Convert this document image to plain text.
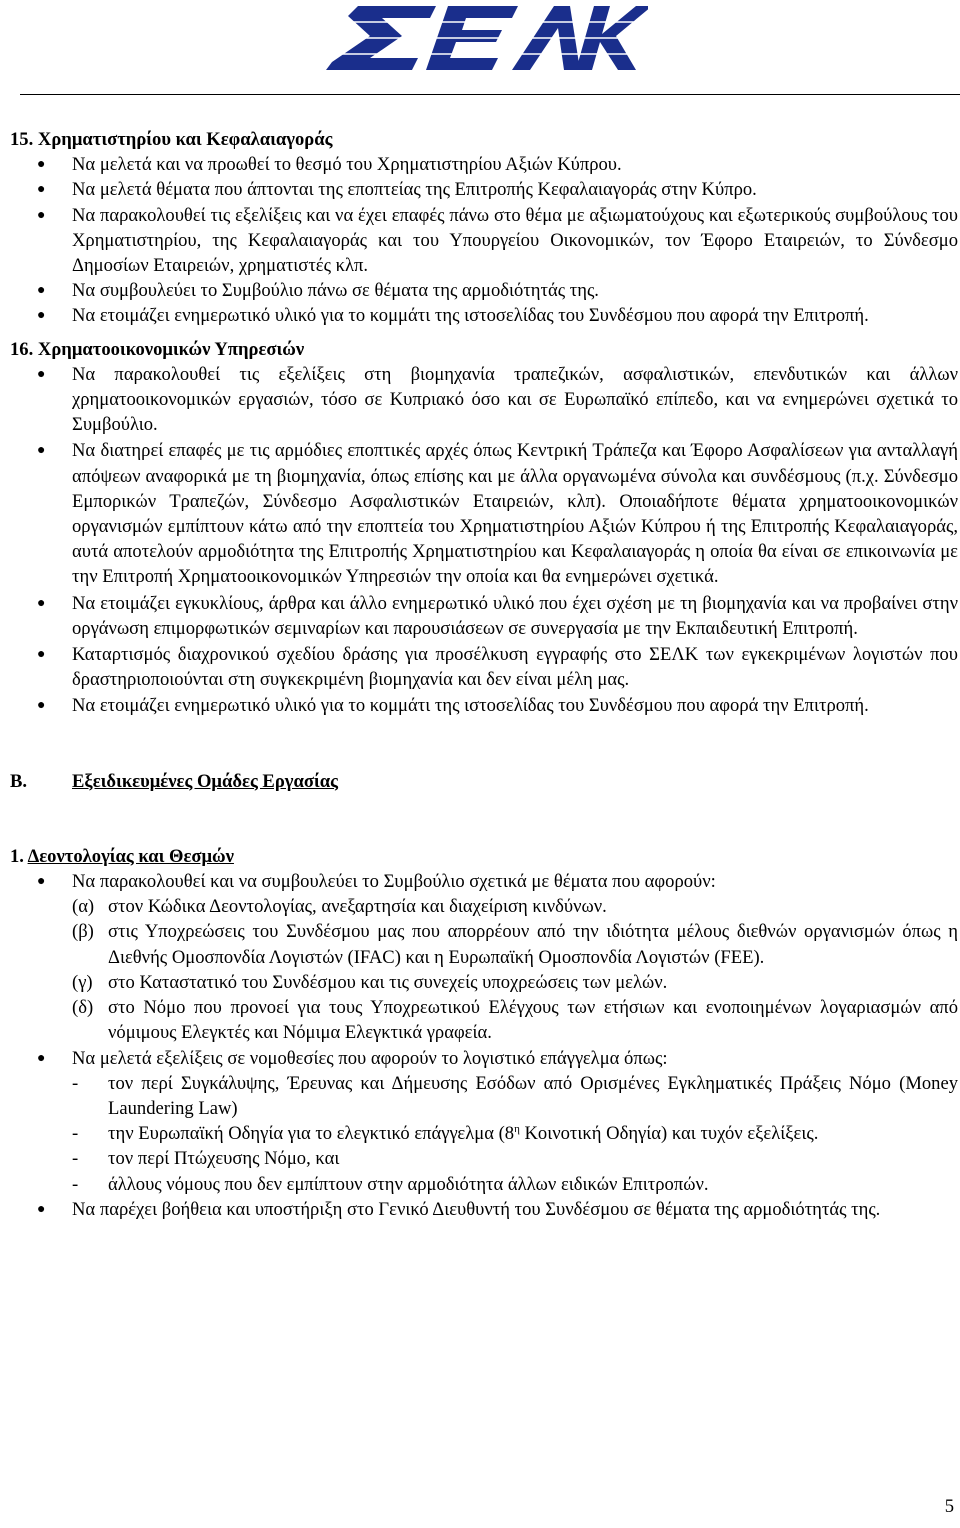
15. Χρηματιστηρίου και Κεφαλαιαγοράς
● Να μελετά και να προωθεί το θεσμό του Χρηματιστηρίου Αξιών Κύπρου.
● Να μελετά θέματα που άπτονται της εποπτείας της Επιτροπής Κεφαλαιαγοράς στην Κύπρο.
● Να παρακολουθεί τις εξελίξεις και να έχει επαφές πάνω στο θέμα με αξιωματούχους και εξωτερικούς συμβούλους του Χρηματιστηρίου, της Κεφαλαιαγοράς και του Υπουργείου Οικονομικών, τον Έφορο Εταιρειών, το Σύνδεσμο Δημοσίων Εταιρειών, χρηματιστές κλπ.
● Να συμβουλεύει το Συμβούλιο πάνω σε θέματα της αρμοδιότητάς της.
● Να ετοιμάζει ενημερωτικό υλικό για το κομμάτι της ιστοσελίδας του Συνδέσμου που αφορά την Επιτροπή.
16. Χρηματοοικονομικών Υπηρεσιών
● Να παρακολουθεί τις εξελίξεις στη βιομηχανία τραπεζικών, ασφαλιστικών, επενδυτικών και άλλων χρηματοοικονομικών εργασιών, τόσο σε Κυπριακό όσο και σε Ευρωπαϊκό επίπεδο, και να ενημερώνει σχετικά το Συμβούλιο.
● Να διατηρεί επαφές με τις αρμόδιες εποπτικές αρχές όπως Κεντρική Τράπεζα και Έφορο Ασφαλίσεων για ανταλλαγή απόψεων αναφορικά με τη βιομηχανία, όπως επίσης και με άλλα οργανωμένα σύνολα και συνδέσμους (π.χ. Σύνδεσμο Εμπορικών Τραπεζών, Σύνδεσμο Ασφαλιστικών Εταιρειών, κλπ). Οποιαδήποτε θέματα χρηματοοικονομικών οργανισμών εμπίπτουν κάτω από την εποπτεία του Χρηματιστηρίου Αξιών Κύπρου ή της Επιτροπής Κεφαλαιαγοράς, αυτά αποτελούν αρμοδιότητα της Επιτροπής Χρηματιστηρίου και Κεφαλαιαγοράς η οποία θα είναι σε επικοινωνία με την Επιτροπή Χρηματοοικονομικών Υπηρεσιών την οποία και θα ενημερώνει σχετικά.
● Να ετοιμάζει εγκυκλίους, άρθρα και άλλο ενημερωτικό υλικό που έχει σχέση με τη βιομηχανία και να προβαίνει στην οργάνωση επιμορφωτικών σεμιναρίων και παρουσιάσεων σε συνεργασία με την Εκπαιδευτική Επιτροπή.
● Καταρτισμός διαχρονικού σχεδίου δράσης για προσέλκυση εγγραφής στο ΣΕΛΚ των εγκεκριμένων λογιστών που δραστηριοποιούνται στη συγκεκριμένη βιομηχανία και δεν είναι μέλη μας.
● Να ετοιμάζει ενημερωτικό υλικό για το κομμάτι της ιστοσελίδας του Συνδέσμου που αφορά την Επιτροπή.
B. Εξειδικευμένες Ομάδες Εργασίας
1. Δεοντολογίας και Θεσμών
● Να παρακολουθεί και να συμβουλεύει το Συμβούλιο σχετικά με θέματα που αφορούν:
(α) στον Κώδικα Δεοντολογίας, ανεξαρτησία και διαχείριση κινδύνων.
(β) στις Υποχρεώσεις του Συνδέσμου μας που απορρέουν από την ιδιότητα μέλους διεθνών οργανισμών όπως η Διεθνής Ομοσπονδία Λογιστών (IFAC) και η Ευρωπαϊκή Ομοσπονδία Λογιστών (FEE).
(γ) στο Καταστατικό του Συνδέσμου και τις συνεχείς υποχρεώσεις των μελών.
(δ) στο Νόμο που προνοεί για τους Υποχρεωτικού Ελέγχους των ετήσιων και ενοποιημένων λογαριασμών από νόμιμους Ελεγκτές και Νόμιμα Ελεγκτικά γραφεία.
● Να μελετά εξελίξεις σε νομοθεσίες που αφορούν το λογιστικό επάγγελμα όπως:
- τον περί Συγκάλυψης, Έρευνας και Δήμευσης Εσόδων από Ορισμένες Εγκληματικές Πράξεις Νόμο (Money Laundering Law)
- την Ευρωπαϊκή Οδηγία για το ελεγκτικό επάγγελμα ($8^\eta$ Κοινοτική Οδηγία) και τυχόν εξελίξεις.
- τον περί Πτώχευσης Νόμο, και
- άλλους νόμους που δεν εμπίπτουν στην αρμοδιότητα άλλων ειδικών Επιτροπών.
● Να παρέχει βοήθεια και υποστήριξη στο Γενικό Διευθυντή του Συνδέσμου σε θέματα της αρμοδιότητάς της.
5
